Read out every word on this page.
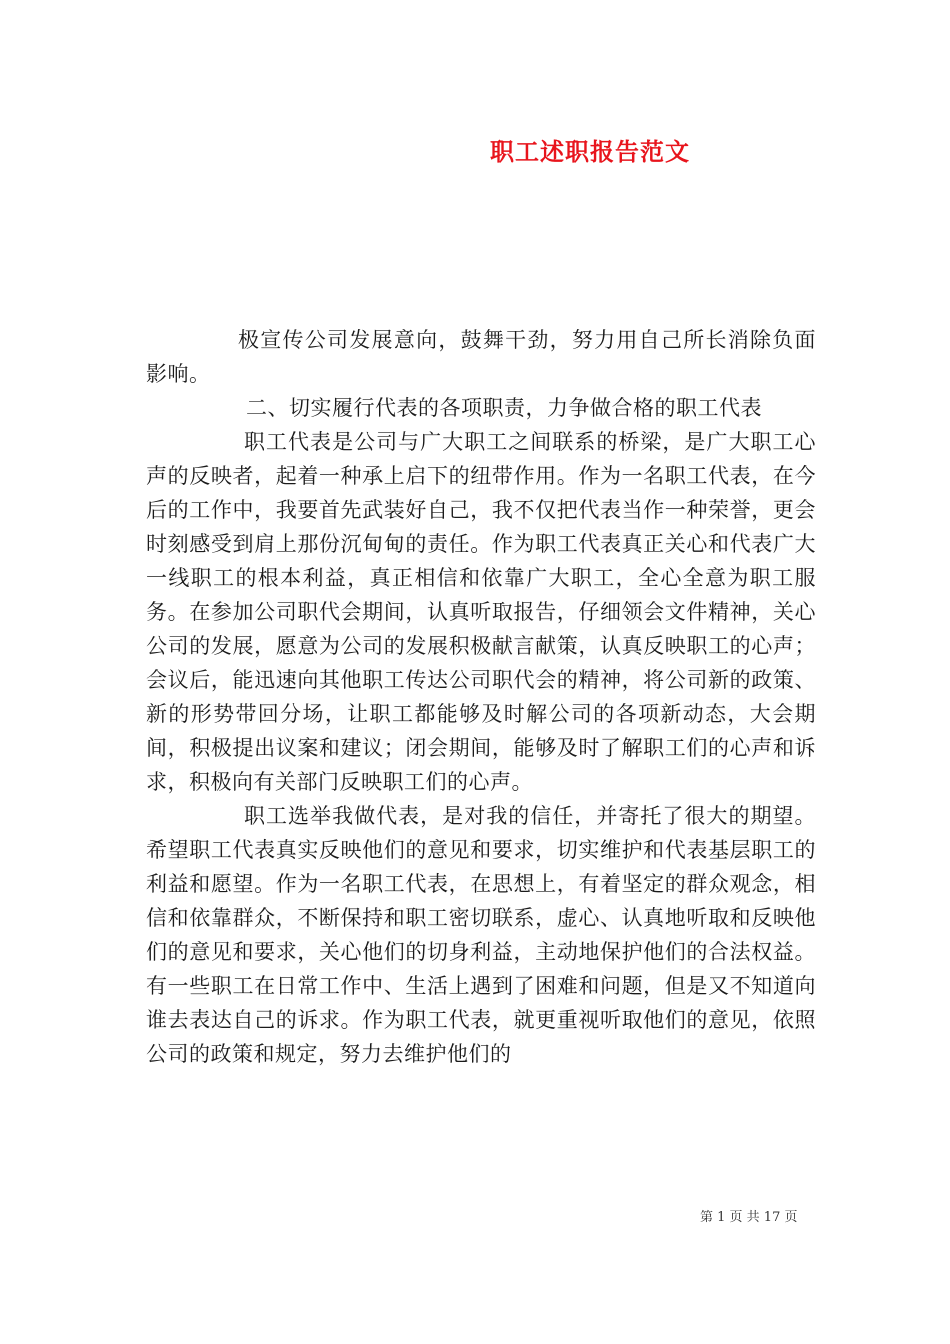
职工述职报告范文

极宣传公司发展意向，鼓舞干劲，努力用自己所长消除负面影响。

二、切实履行代表的各项职责，力争做合格的职工代表

职工代表是公司与广大职工之间联系的桥梁，是广大职工心声的反映者，起着一种承上启下的纽带作用。作为一名职工代表，在今后的工作中，我要首先武装好自己，我不仅把代表当作一种荣誉，更会时刻感受到肩上那份沉甸甸的责任。作为职工代表真正关心和代表广大一线职工的根本利益，真正相信和依靠广大职工，全心全意为职工服务。在参加公司职代会期间，认真听取报告，仔细领会文件精神，关心公司的发展，愿意为公司的发展积极献言献策，认真反映职工的心声；会议后，能迅速向其他职工传达公司职代会的精神，将公司新的政策、新的形势带回分场，让职工都能够及时解公司的各项新动态，大会期间，积极提出议案和建议；闭会期间，能够及时了解职工们的心声和诉求，积极向有关部门反映职工们的心声。

职工选举我做代表，是对我的信任，并寄托了很大的期望。希望职工代表真实反映他们的意见和要求，切实维护和代表基层职工的利益和愿望。作为一名职工代表，在思想上，有着坚定的群众观念，相信和依靠群众，不断保持和职工密切联系，虚心、认真地听取和反映他们的意见和要求，关心他们的切身利益，主动地保护他们的合法权益。有一些职工在日常工作中、生活上遇到了困难和问题，但是又不知道向谁去表达自己的诉求。作为职工代表，就更重视听取他们的意见，依照公司的政策和规定，努力去维护他们的

第 1 页 共 17 页
